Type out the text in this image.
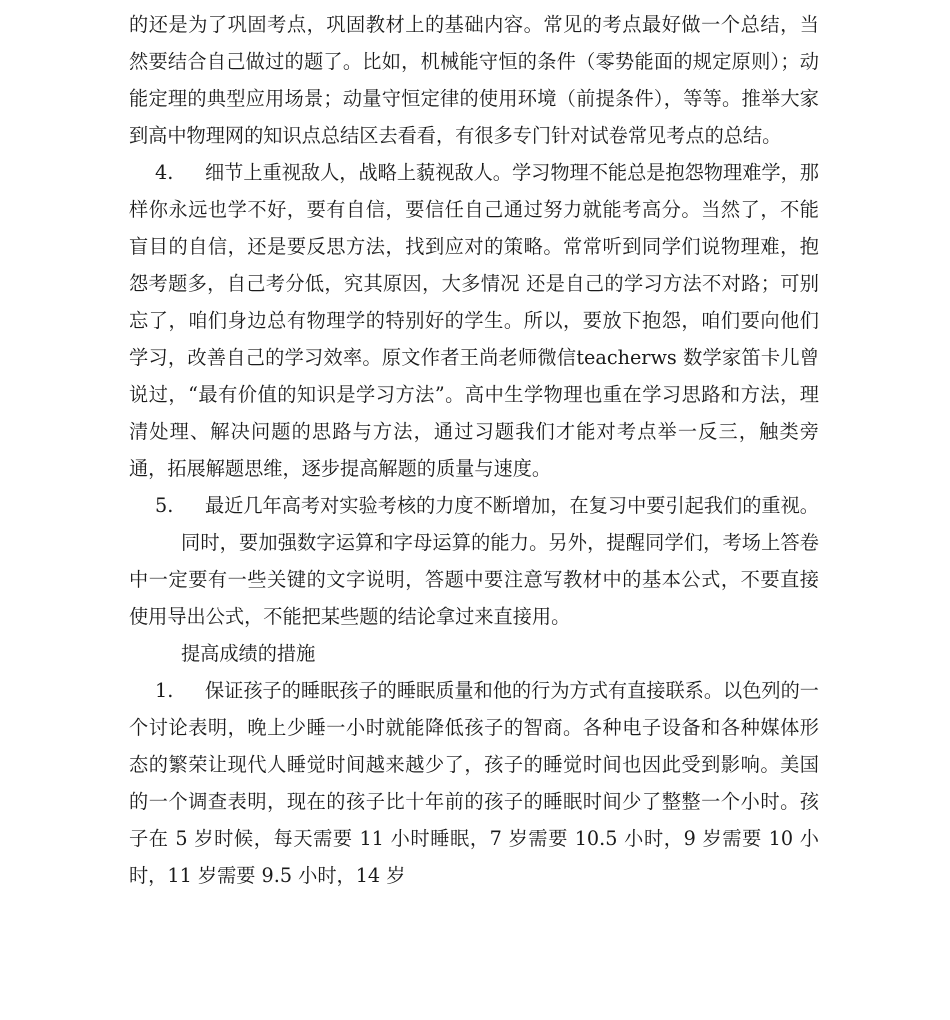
的还是为了巩固考点，巩固教材上的基础内容。常见的考点最好做一个总结，当然要结合自己做过的题了。比如，机械能守恒的条件（零势能面的规定原则）；动能定理的典型应用场景；动量守恒定律的使用环境（前提条件），等等。推举大家到高中物理网的知识点总结区去看看，有很多专门针对试卷常见考点的总结。

4. 细节上重视敌人，战略上藐视敌人。学习物理不能总是抱怨物理难学，那样你永远也学不好，要有自信，要信任自己通过努力就能考高分。当然了，不能盲目的自信，还是要反思方法，找到应对的策略。常常听到同学们说物理难，抱怨考题多，自己考分低，究其原因，大多情况 还是自己的学习方法不对路；可别忘了，咱们身边总有物理学的特别好的学生。所以，要放下抱怨，咱们要向他们学习，改善自己的学习效率。原文作者王尚老师微信teacherws 数学家笛卡儿曾说过，“最有价值的知识是学习方法”。高中生学物理也重在学习思路和方法，理清处理、解决问题的思路与方法，通过习题我们才能对考点举一反三，触类旁通，拓展解题思维，逐步提高解题的质量与速度。

5. 最近几年高考对实验考核的力度不断增加，在复习中要引起我们的重视。

同时，要加强数字运算和字母运算的能力。另外，提醒同学们，考场上答卷中一定要有一些关键的文字说明，答题中要注意写教材中的基本公式，不要直接使用导出公式，不能把某些题的结论拿过来直接用。

提高成绩的措施

1. 保证孩子的睡眠孩子的睡眠质量和他的行为方式有直接联系。以色列的一个讨论表明，晚上少睡一小时就能降低孩子的智商。各种电子设备和各种媒体形态的繁荣让现代人睡觉时间越来越少了，孩子的睡觉时间也因此受到影响。美国的一个调查表明，现在的孩子比十年前的孩子的睡眠时间少了整整一个小时。孩子在 5 岁时候，每天需要 11 小时睡眠，7 岁需要 10.5 小时，9 岁需要 10 小时，11 岁需要 9.5 小时，14 岁
